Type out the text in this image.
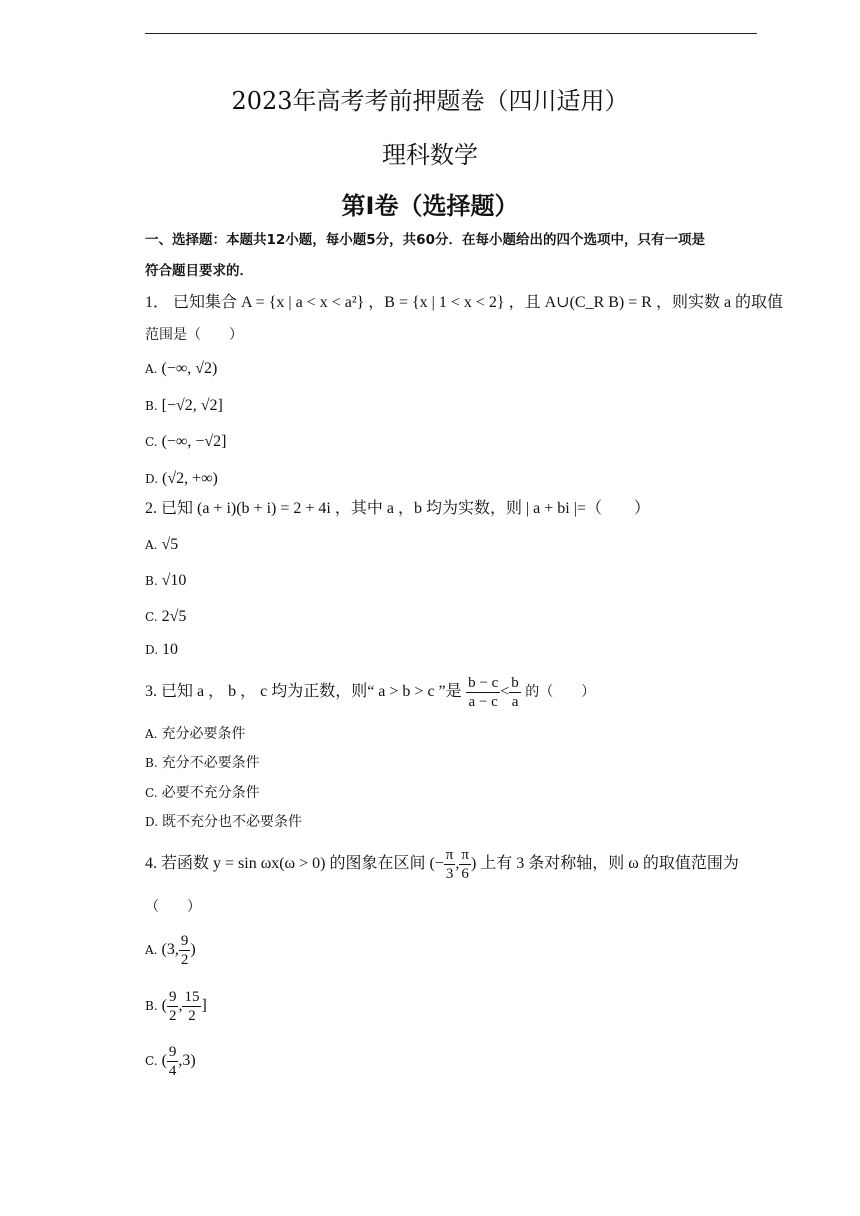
2023年高考考前押题卷（四川适用）
理科数学
第Ⅰ卷（选择题）
一、选择题：本题共12小题，每小题5分，共60分．在每小题给出的四个选项中，只有一项是
符合题目要求的．
1． 已知集合 A = {x | a < x < a²} ，B = {x | 1 < x < 2} ，且 A∪(C_R B) = R ，则实数 a 的取值
范围是（　　）
A. (−∞, √2)
B. [−√2, √2]
C. (−∞, −√2]
D. (√2, +∞)
2. 已知 (a + i)(b + i) = 2 + 4i ，其中 a ，b 均为实数，则 | a + bi |=（　　）
A. √5
B. √10
C. 2√5
D. 10
3. 已知 a ， b ， c 均为正数，则“ a > b > c ”是 $\frac{b - c}{a - c} < \frac{b}{a}$ 的（　　）
A. 充分必要条件
B. 充分不必要条件
C. 必要不充分条件
D. 既不充分也不必要条件
4. 若函数 y = sin ωx(ω > 0) 的图象在区间 (− $\frac{\pi}{3}$ , $\frac{\pi}{6}$ ) 上有 3 条对称轴，则 ω 的取值范围为
（　　）
A. (3, $\frac{9}{2}$ )
B. ( $\frac{9}{2}$ , $\frac{15}{2}$ ]
C. ( $\frac{9}{4} ,3$)
